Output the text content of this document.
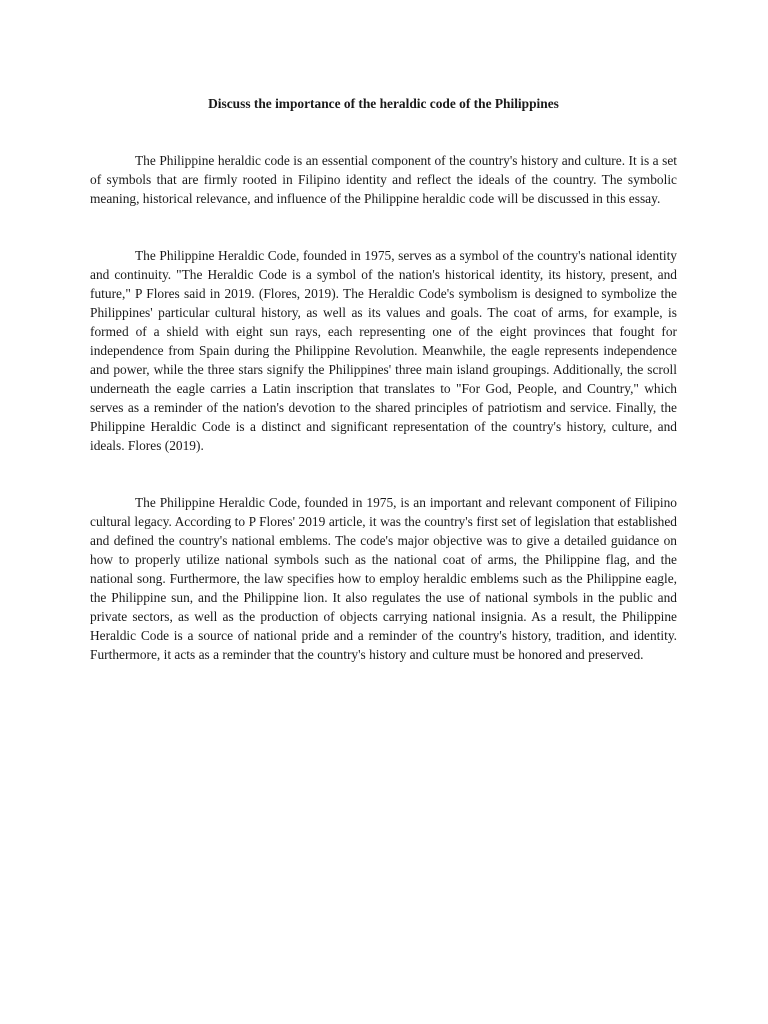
Discuss the importance of the heraldic code of the Philippines

The Philippine heraldic code is an essential component of the country's history and culture. It is a set of symbols that are firmly rooted in Filipino identity and reflect the ideals of the country. The symbolic meaning, historical relevance, and influence of the Philippine heraldic code will be discussed in this essay.

The Philippine Heraldic Code, founded in 1975, serves as a symbol of the country's national identity and continuity. "The Heraldic Code is a symbol of the nation's historical identity, its history, present, and future," P Flores said in 2019. (Flores, 2019). The Heraldic Code's symbolism is designed to symbolize the Philippines' particular cultural history, as well as its values and goals. The coat of arms, for example, is formed of a shield with eight sun rays, each representing one of the eight provinces that fought for independence from Spain during the Philippine Revolution. Meanwhile, the eagle represents independence and power, while the three stars signify the Philippines' three main island groupings. Additionally, the scroll underneath the eagle carries a Latin inscription that translates to "For God, People, and Country," which serves as a reminder of the nation's devotion to the shared principles of patriotism and service. Finally, the Philippine Heraldic Code is a distinct and significant representation of the country's history, culture, and ideals. Flores (2019).

The Philippine Heraldic Code, founded in 1975, is an important and relevant component of Filipino cultural legacy. According to P Flores' 2019 article, it was the country's first set of legislation that established and defined the country's national emblems. The code's major objective was to give a detailed guidance on how to properly utilize national symbols such as the national coat of arms, the Philippine flag, and the national song. Furthermore, the law specifies how to employ heraldic emblems such as the Philippine eagle, the Philippine sun, and the Philippine lion. It also regulates the use of national symbols in the public and private sectors, as well as the production of objects carrying national insignia. As a result, the Philippine Heraldic Code is a source of national pride and a reminder of the country's history, tradition, and identity. Furthermore, it acts as a reminder that the country's history and culture must be honored and preserved.
